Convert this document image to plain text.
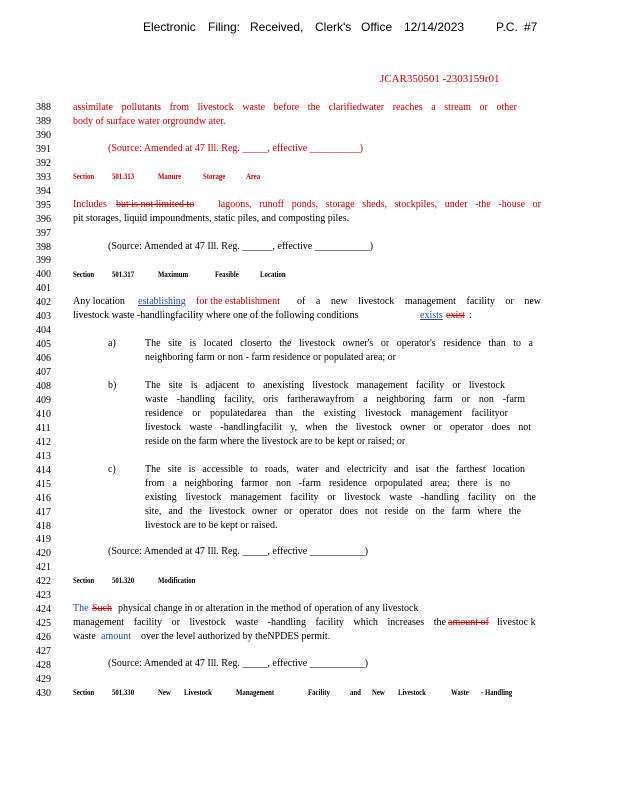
Electronic Filing: Received, Clerk's Office 12/14/2023	P.C. #7
JCAR350501 -2303159r01
388
389
390
391
392
393
394
395
396
397
398
399
400
401
402
403
404
405
406
407
408
409
410
411
412
413
414
415
416
417
418
419
420
421
422
423
424
425
426
427
428
429
430
assimilate pollutants from livestock waste before the clarifiedwater reaches a stream or other
body of surface water orgroundw ater.
(Source: Amended at 47 Ill. Reg. _____, effective __________)
Section 501.313	Manure	Storage	Area
Includes but is not limited to lagoons, runoff ponds, storage sheds, stockpiles, under -the -house or
pit storages, liquid impoundments, static piles, and composting piles.
(Source: Amended at 47 Ill. Reg. ______, effective ___________)
Section 501.317	Maximum	Feasible	Location
Any location establishing for the establishment of a new livestock management facility or new
livestock waste -handlingfacility where one of the following conditions	exists exist :
a)	The site is located closerto the livestock owner's or operator's residence than to a
neighboring farm or non - farm residence or populated area; or
b)	The site is adjacent to anexisting livestock management facility or livestock
waste -handling facility, oris fartherawayfrom a neighboring farm or non -farm
residence or populatedarea than the existing livestock management facilityor
livestock waste -handlingfacilit y, when the livestock owner or operator does not
reside on the farm where the livestock are to be kept or raised; or
c)	The site is accessible to roads, water and electricity and isat the farthest location
from a neighboring farmor non -farm residence orpopulated area; there is no
existing livestock management facility or livestock waste -handling facility on the
site, and the livestock owner or operator does not reside on the farm where the
livestock are to be kept or raised.
(Source: Amended at 47 Ill. Reg. _____, effective ___________)
Section 501.320	Modification
The Such physical change in or alteration in the method of operation of any livestock
management facility or livestock waste -handling facility which increases the amount of livestoc k
waste amount over the level authorized by theNPDES permit.
(Source: Amended at 47 Ill. Reg. _____, effective ___________)
Section 501.330	New Livestock	Management	Facility	and New Livestock	Waste - Handling
